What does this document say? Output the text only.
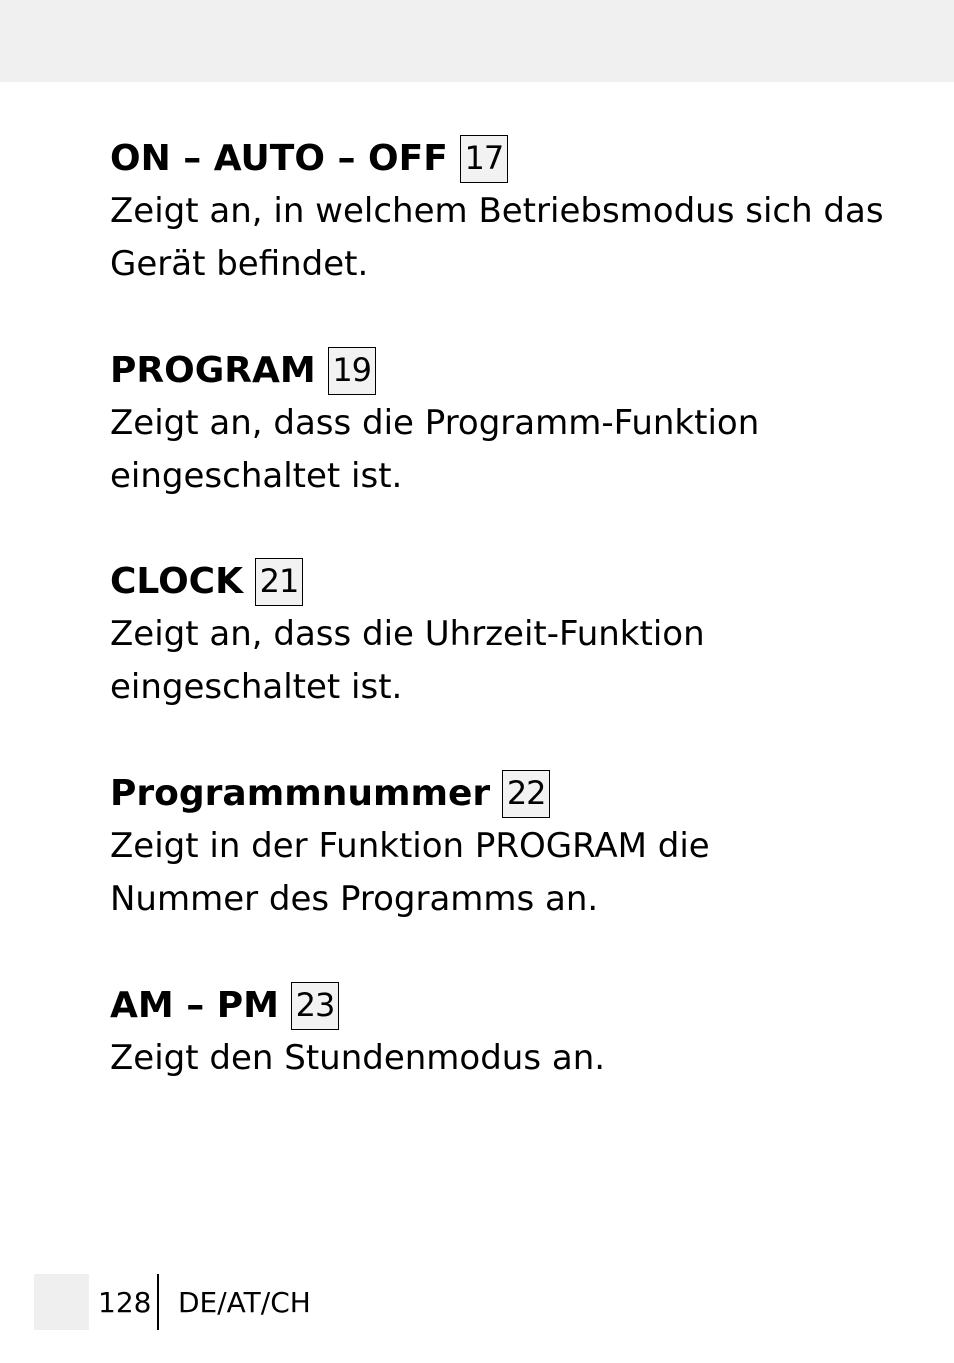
ON – AUTO – OFF 17

Zeigt an, in welchem Betriebsmodus sich das

Gerät befindet.

PROGRAM 19

Zeigt an, dass die Programm-Funktion

eingeschaltet ist.

CLOCK 21

Zeigt an, dass die Uhrzeit-Funktion

eingeschaltet ist.

Programmnummer 22

Zeigt in der Funktion PROGRAM die

Nummer des Programms an.

AM – PM 23

Zeigt den Stundenmodus an.

128 DE/AT/CH
